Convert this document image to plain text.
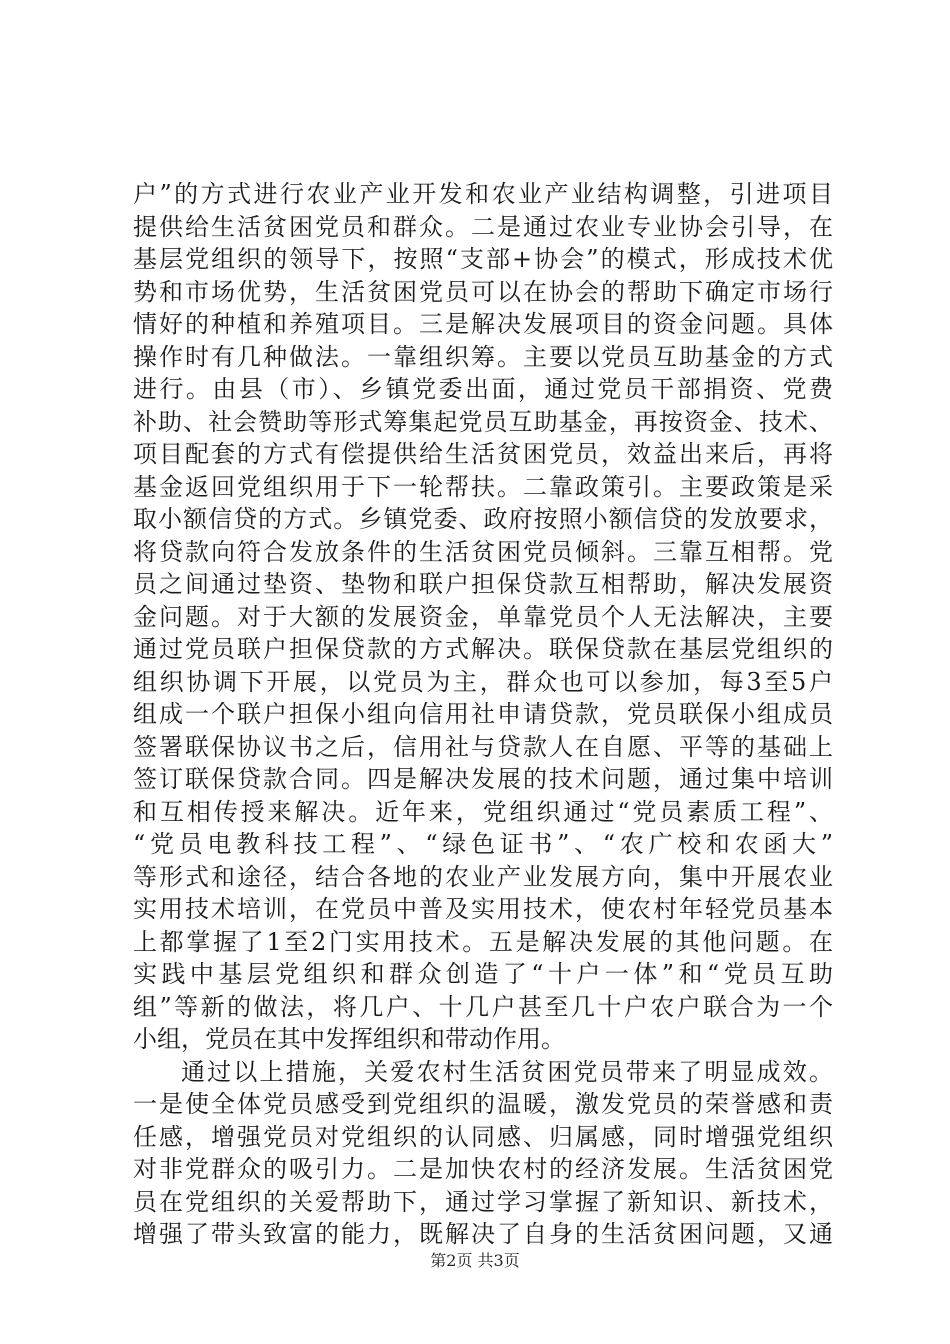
户”的方式进行农业产业开发和农业产业结构调整，引进项目
提供给生活贫困党员和群众。二是通过农业专业协会引导，在
基层党组织的领导下，按照“支部+协会”的模式，形成技术优
势和市场优势，生活贫困党员可以在协会的帮助下确定市场行
情好的种植和养殖项目。三是解决发展项目的资金问题。具体
操作时有几种做法。一靠组织筹。主要以党员互助基金的方式
进行。由县（市）、乡镇党委出面，通过党员干部捐资、党费
补助、社会赞助等形式筹集起党员互助基金，再按资金、技术、
项目配套的方式有偿提供给生活贫困党员，效益出来后，再将
基金返回党组织用于下一轮帮扶。二靠政策引。主要政策是采
取小额信贷的方式。乡镇党委、政府按照小额信贷的发放要求，
将贷款向符合发放条件的生活贫困党员倾斜。三靠互相帮。党
员之间通过垫资、垫物和联户担保贷款互相帮助，解决发展资
金问题。对于大额的发展资金，单靠党员个人无法解决，主要
通过党员联户担保贷款的方式解决。联保贷款在基层党组织的
组织协调下开展，以党员为主，群众也可以参加，每3至5户
组成一个联户担保小组向信用社申请贷款，党员联保小组成员
签署联保协议书之后，信用社与贷款人在自愿、平等的基础上
签订联保贷款合同。四是解决发展的技术问题，通过集中培训
和互相传授来解决。近年来，党组织通过“党员素质工程”、
“党员电教科技工程”、“绿色证书”、“农广校和农函大”
等形式和途径，结合各地的农业产业发展方向，集中开展农业
实用技术培训，在党员中普及实用技术，使农村年轻党员基本
上都掌握了1至2门实用技术。五是解决发展的其他问题。在
实践中基层党组织和群众创造了“十户一体”和“党员互助
组”等新的做法，将几户、十几户甚至几十户农户联合为一个
小组，党员在其中发挥组织和带动作用。
通过以上措施，关爱农村生活贫困党员带来了明显成效。
一是使全体党员感受到党组织的温暖，激发党员的荣誉感和责
任感，增强党员对党组织的认同感、归属感，同时增强党组织
对非党群众的吸引力。二是加快农村的经济发展。生活贫困党
员在党组织的关爱帮助下，通过学习掌握了新知识、新技术，
增强了带头致富的能力，既解决了自身的生活贫困问题，又通
第2页 共3页
